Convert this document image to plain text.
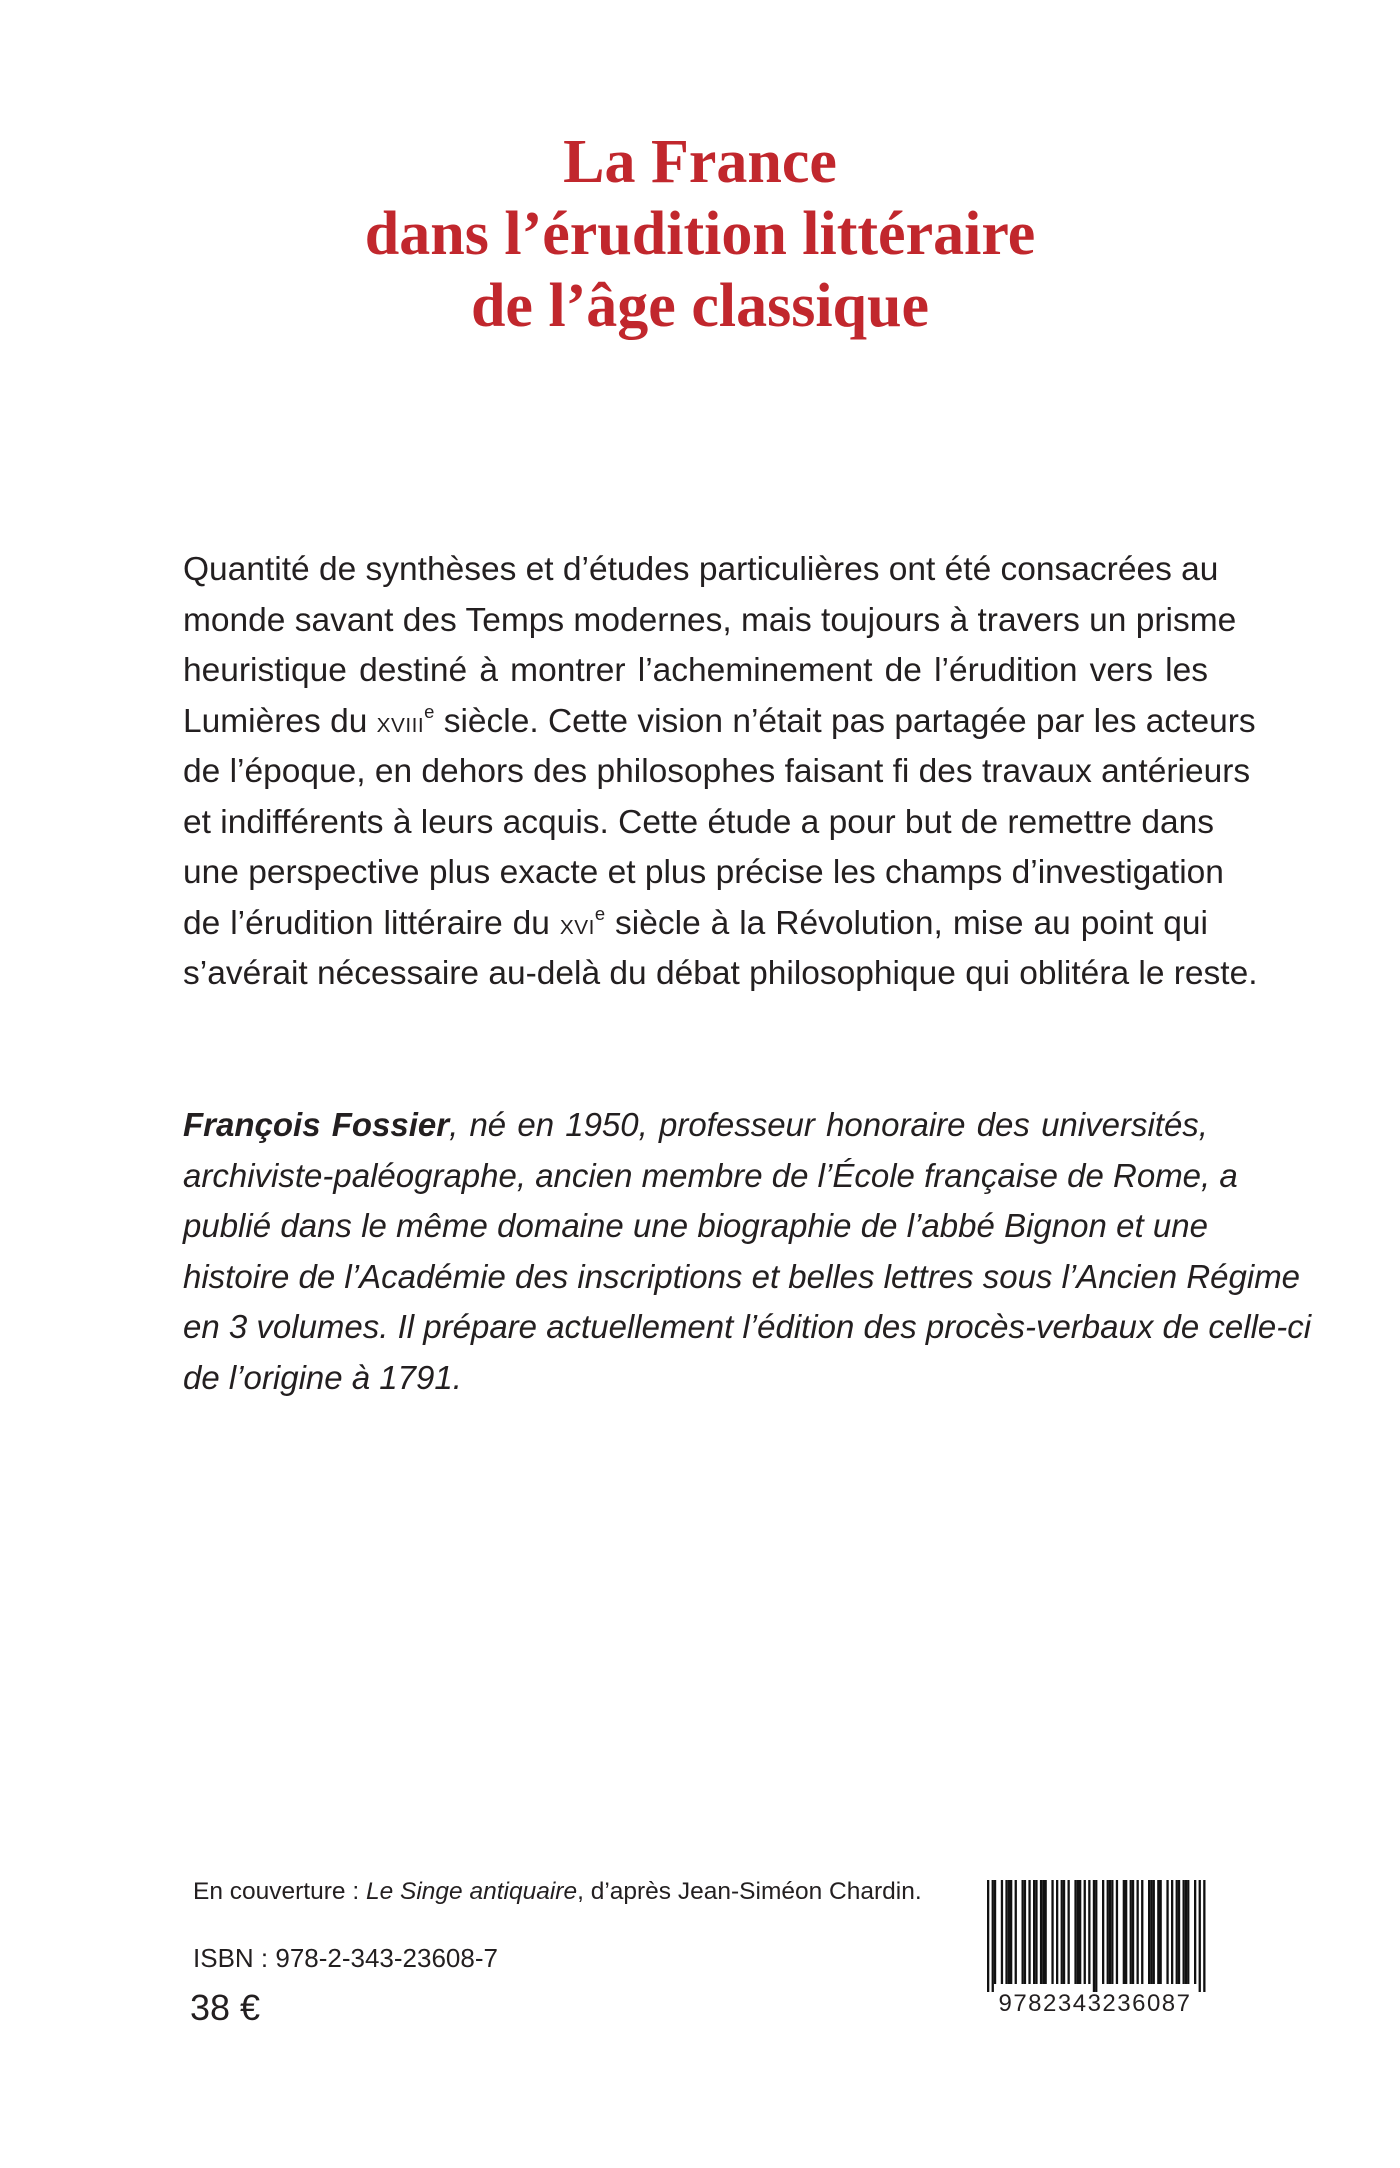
La France
dans l’érudition littéraire
de l’âge classique
Quantité de synthèses et d’études particulières ont été consacrées au
monde savant des Temps modernes, mais toujours à travers un prisme
heuristique destiné à montrer l’acheminement de l’érudition vers les
Lumières du XVIIIe siècle. Cette vision n’était pas partagée par les acteurs
de l’époque, en dehors des philosophes faisant fi des travaux antérieurs
et indifférents à leurs acquis. Cette étude a pour but de remettre dans
une perspective plus exacte et plus précise les champs d’investigation
de l’érudition littéraire du XVIe siècle à la Révolution, mise au point qui
s’avérait nécessaire au-delà du débat philosophique qui oblitéra le reste.
François Fossier, né en 1950, professeur honoraire des universités,
archiviste-paléographe, ancien membre de l’École française de Rome, a
publié dans le même domaine une biographie de l’abbé Bignon et une
histoire de l’Académie des inscriptions et belles lettres sous l’Ancien Régime
en 3 volumes. Il prépare actuellement l’édition des procès-verbaux de celle-ci
de l’origine à 1791.
En couverture : Le Singe antiquaire, d’après Jean-Siméon Chardin.
ISBN : 978-2-343-23608-7
38 €	9782343236087
